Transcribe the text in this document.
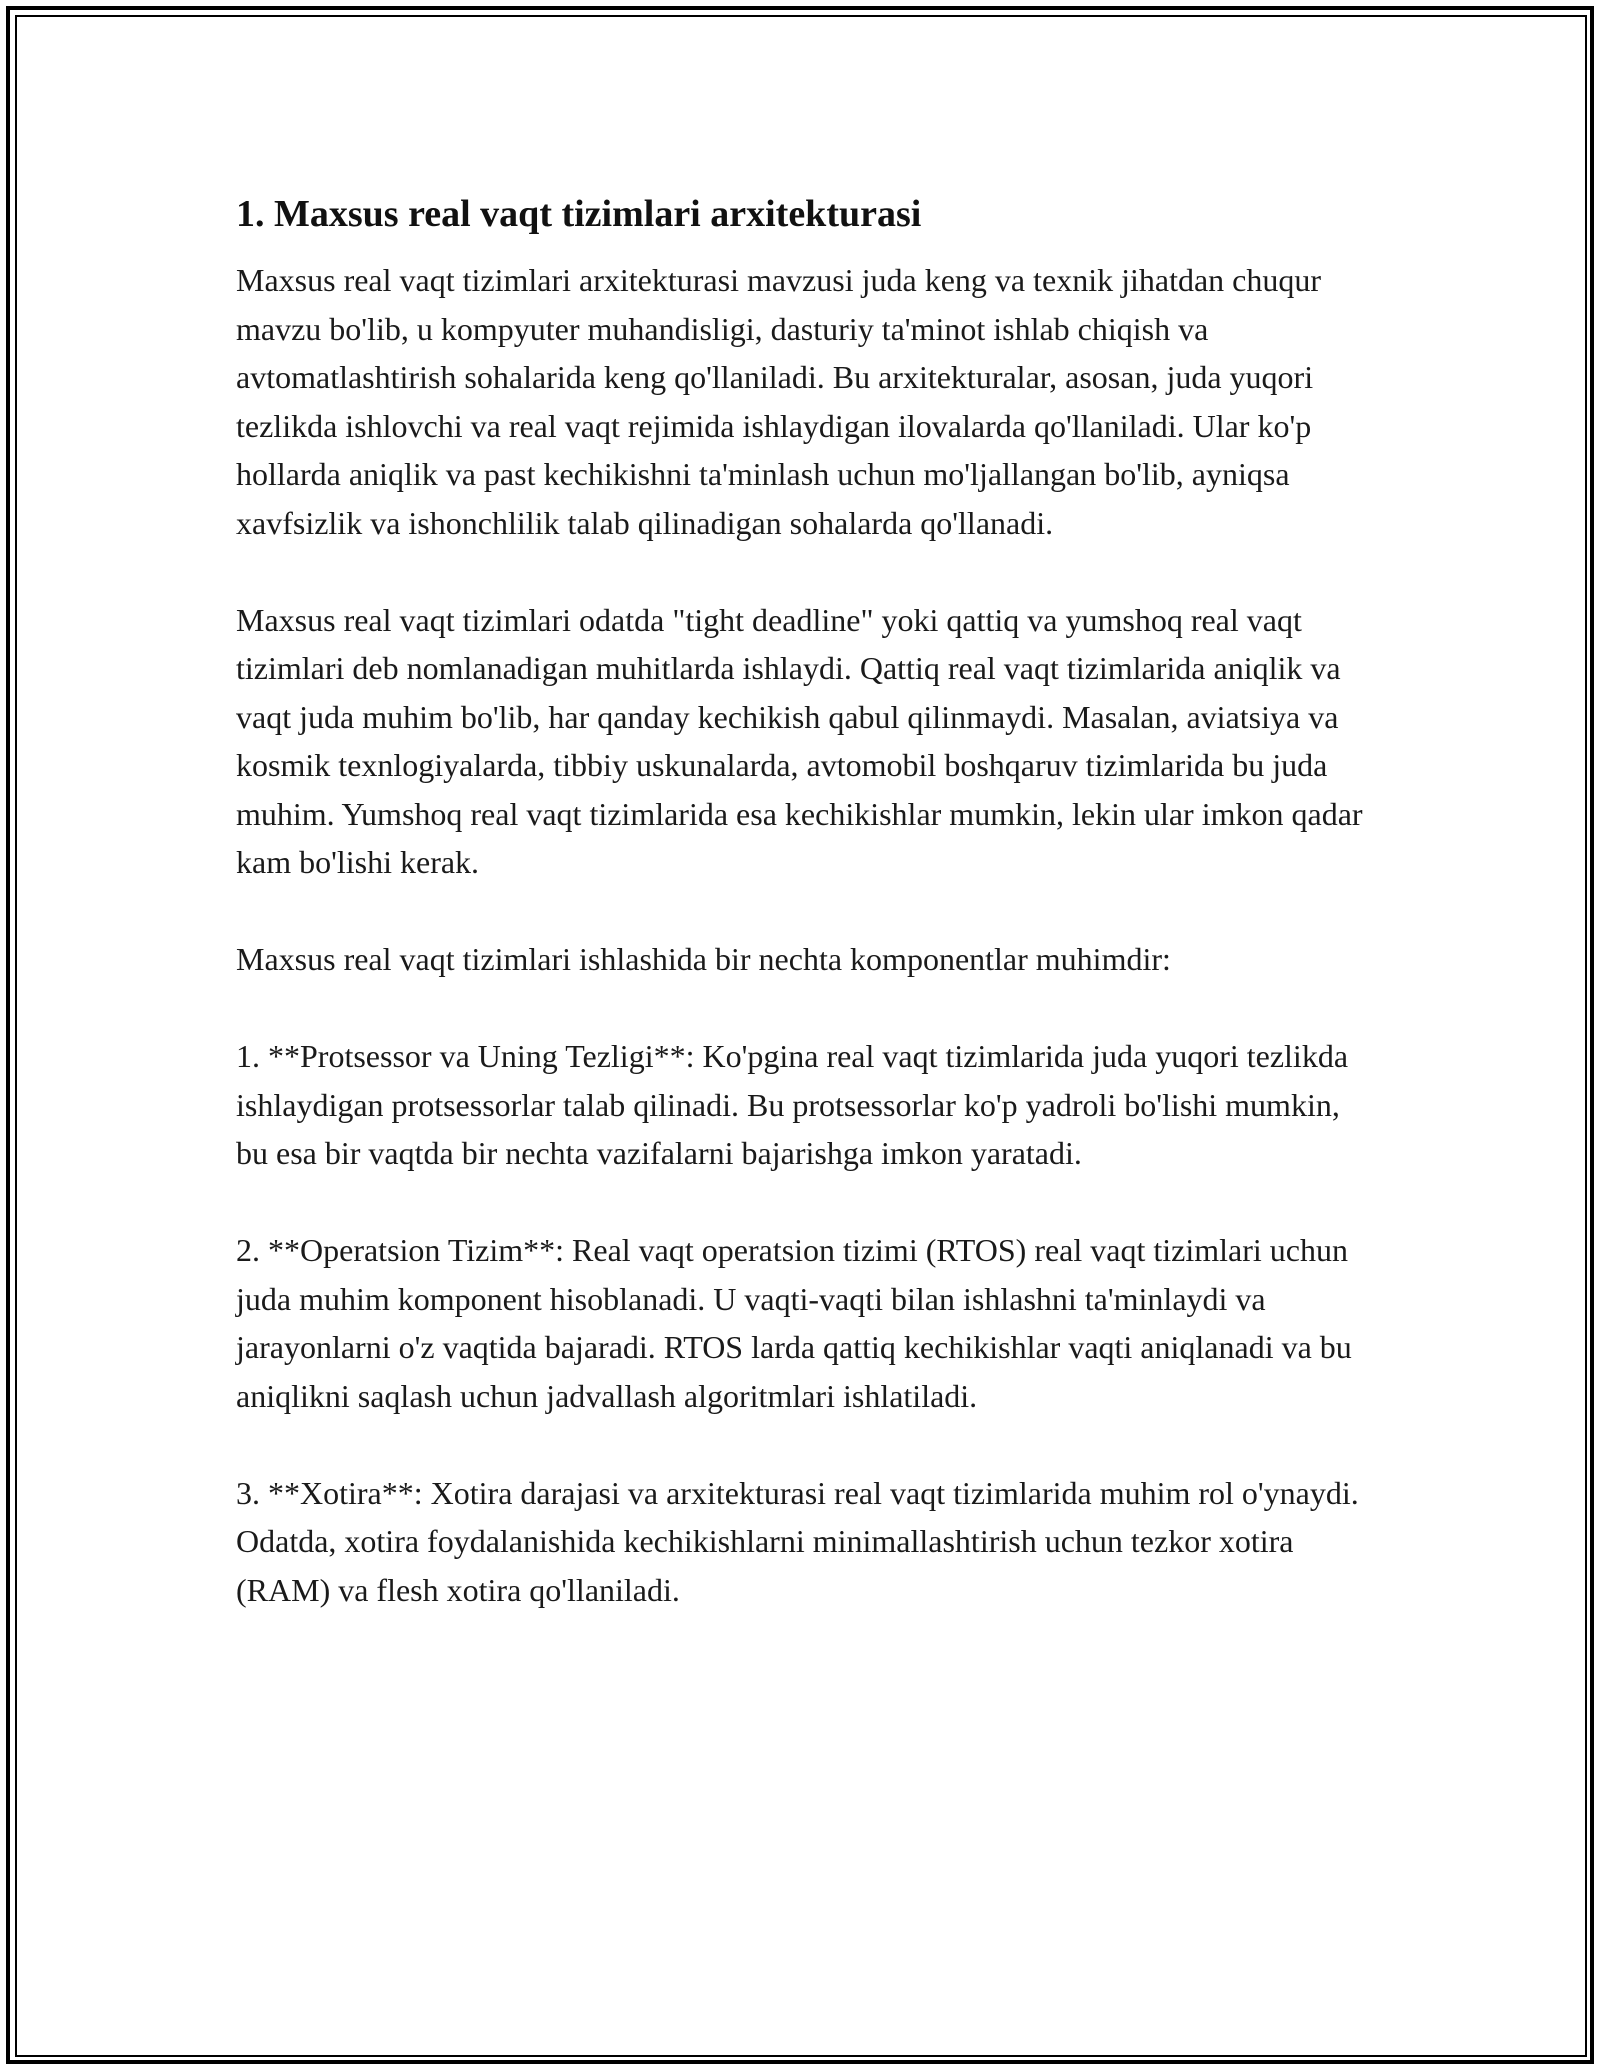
1. Maxsus real vaqt tizimlari arxitekturasi

Maxsus real vaqt tizimlari arxitekturasi mavzusi juda keng va texnik jihatdan chuqur mavzu bo'lib, u kompyuter muhandisligi, dasturiy ta'minot ishlab chiqish va avtomatlashtirish sohalarida keng qo'llaniladi. Bu arxitekturalar, asosan, juda yuqori tezlikda ishlovchi va real vaqt rejimida ishlaydigan ilovalarda qo'llaniladi. Ular ko'p hollarda aniqlik va past kechikishni ta'minlash uchun mo'ljallangan bo'lib, ayniqsa xavfsizlik va ishonchlilik talab qilinadigan sohalarda qo'llanadi.

Maxsus real vaqt tizimlari odatda "tight deadline" yoki qattiq va yumshoq real vaqt tizimlari deb nomlanadigan muhitlarda ishlaydi. Qattiq real vaqt tizimlarida aniqlik va vaqt juda muhim bo'lib, har qanday kechikish qabul qilinmaydi. Masalan, aviatsiya va kosmik texnlogiyalarda, tibbiy uskunalarda, avtomobil boshqaruv tizimlarida bu juda muhim. Yumshoq real vaqt tizimlarida esa kechikishlar mumkin, lekin ular imkon qadar kam bo'lishi kerak.

Maxsus real vaqt tizimlari ishlashida bir nechta komponentlar muhimdir:

1. **Protsessor va Uning Tezligi**: Ko'pgina real vaqt tizimlarida juda yuqori tezlikda ishlaydigan protsessorlar talab qilinadi. Bu protsessorlar ko'p yadroli bo'lishi mumkin, bu esa bir vaqtda bir nechta vazifalarni bajarishga imkon yaratadi.

2. **Operatsion Tizim**: Real vaqt operatsion tizimi (RTOS) real vaqt tizimlari uchun juda muhim komponent hisoblanadi. U vaqti-vaqti bilan ishlashni ta'minlaydi va jarayonlarni o'z vaqtida bajaradi. RTOS larda qattiq kechikishlar vaqti aniqlanadi va bu aniqlikni saqlash uchun jadvallash algoritmlari ishlatiladi.

3. **Xotira**: Xotira darajasi va arxitekturasi real vaqt tizimlarida muhim rol o'ynaydi. Odatda, xotira foydalanishida kechikishlarni minimallashtirish uchun tezkor xotira (RAM) va flesh xotira qo'llaniladi.
